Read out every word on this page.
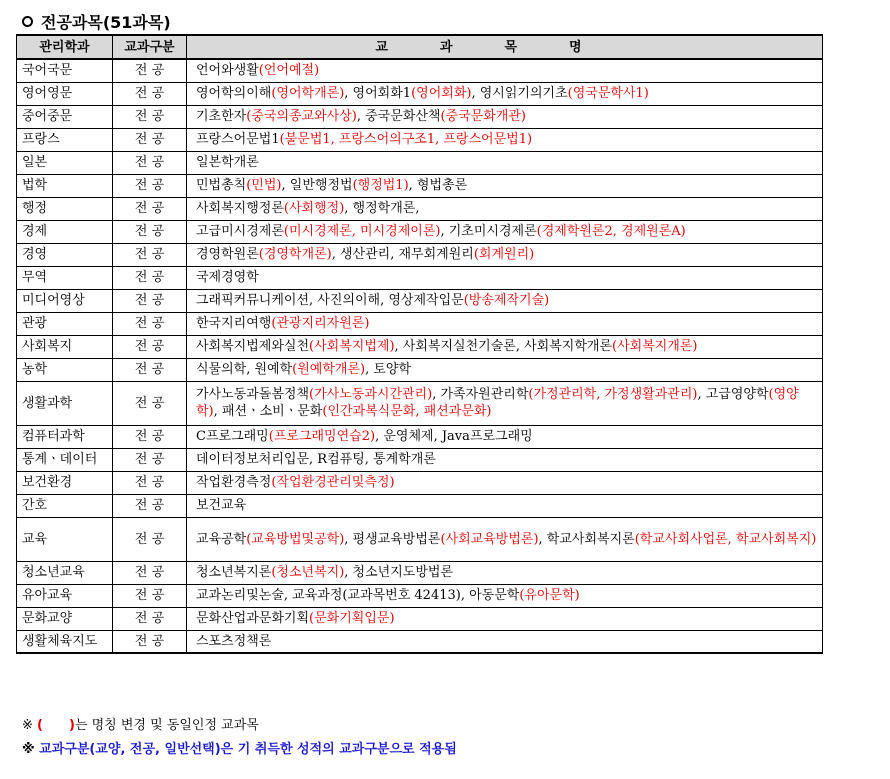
전공과목(51과목)
관리학과	교과구분	교과목명
국어국문	전 공	언어와생활(언어예절)
영어영문	전 공	영어학의이해(영어학개론), 영어회화1(영어회화), 영시읽기의기초(영국문학사1)
중어중문	전 공	기초한자(중국의종교와사상), 중국문화산책(중국문화개관)
프랑스	전 공	프랑스어문법1(불문법1, 프랑스어의구조1, 프랑스어문법1)
일본	전 공	일본학개론
법학	전 공	민법총칙(민법), 일반행정법(행정법1), 형법총론
행정	전 공	사회복지행정론(사회행정), 행정학개론,
경제	전 공	고급미시경제론(미시경제론, 미시경제이론), 기초미시경제론(경제학원론2, 경제원론A)
경영	전 공	경영학원론(경영학개론), 생산관리, 재무회계원리(회계원리)
무역	전 공	국제경영학
미디어영상	전 공	그래픽커뮤니케이션, 사진의이해, 영상제작입문(방송제작기술)
관광	전 공	한국지리여행(관광지리자원론)
사회복지	전 공	사회복지법제와실천(사회복지법제), 사회복지실천기술론, 사회복지학개론(사회복지개론)
농학	전 공	식물의학, 원예학(원예학개론), 토양학
생활과학	전 공	가사노동과돌봄정책(가사노동과시간관리), 가족자원관리학(가정관리학, 가정생활과관리), 고급영양학(영양학), 패션ㆍ소비ㆍ문화(인간과복식문화, 패션과문화)
컴퓨터과학	전 공	C프로그래밍(프로그래밍연습2), 운영체제, Java프로그래밍
통계ㆍ데이터	전 공	데이터정보처리입문, R컴퓨팅, 통계학개론
보건환경	전 공	작업환경측정(작업환경관리및측정)
간호	전 공	보건교육
교육	전 공	교육공학(교육방법및공학), 평생교육방법론(사회교육방법론), 학교사회복지론(학교사회사업론, 학교사회복지)
청소년교육	전 공	청소년복지론(청소년복지), 청소년지도방법론
유아교육	전 공	교과논리및논술, 교육과정(교과목번호 42413), 아동문학(유아문학)
문화교양	전 공	문화산업과문화기획(문화기획입문)
생활체육지도	전 공	스포츠정책론
※ (　　)는 명칭 변경 및 동일인정 교과목
※ 교과구분(교양, 전공, 일반선택)은 기 취득한 성적의 교과구분으로 적용됨
